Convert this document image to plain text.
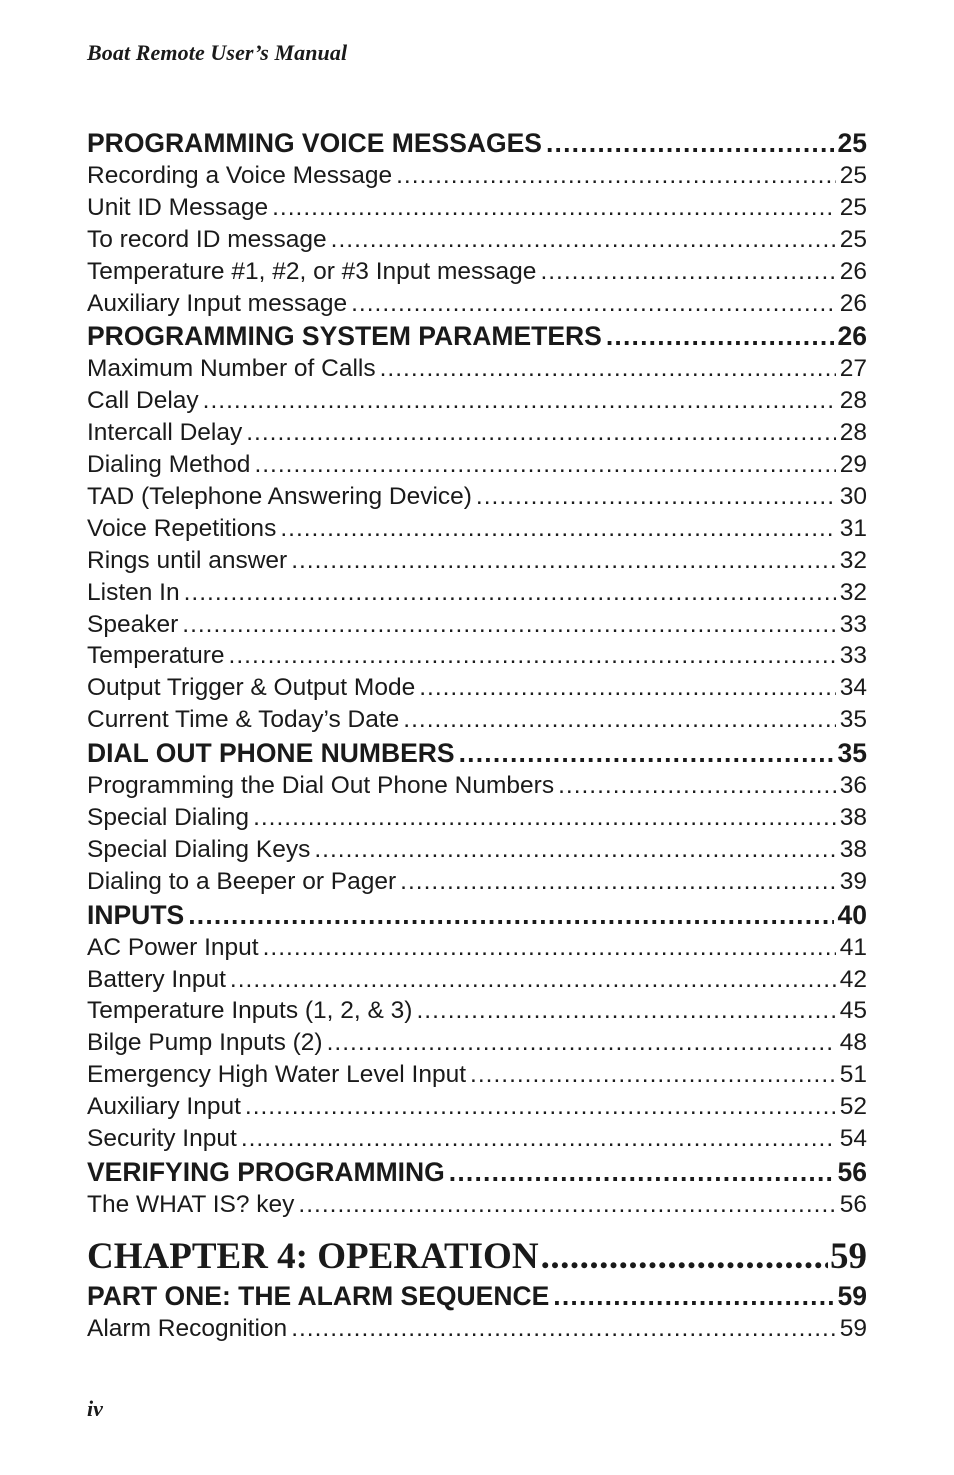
Boat Remote User’s Manual
PROGRAMMING VOICE MESSAGES .....	25
Recording a Voice Message .....	25
Unit ID Message .....	25
To record ID message .....	25
Temperature #1, #2, or #3 Input message .....	26
Auxiliary Input message .....	26
PROGRAMMING SYSTEM PARAMETERS .....	26
Maximum Number of Calls .....	27
Call Delay .....	28
Intercall Delay .....	28
Dialing Method .....	29
TAD (Telephone Answering Device) .....	30
Voice Repetitions .....	31
Rings until answer .....	32
Listen In .....	32
Speaker .....	33
Temperature .....	33
Output Trigger & Output Mode .....	34
Current Time & Today’s Date .....	35
DIAL OUT PHONE NUMBERS .....	35
Programming the Dial Out Phone Numbers .....	36
Special Dialing .....	38
Special Dialing Keys .....	38
Dialing to a Beeper or Pager .....	39
INPUTS .....	40
AC Power Input .....	41
Battery Input .....	42
Temperature Inputs (1, 2, & 3) .....	45
Bilge Pump Inputs (2) .....	48
Emergency High Water Level Input .....	51
Auxiliary Input .....	52
Security Input .....	54
VERIFYING PROGRAMMING .....	56
The WHAT IS? key .....	56
CHAPTER 4: OPERATION .....	59
PART ONE: THE ALARM SEQUENCE .....	59
Alarm Recognition .....	59
iv
